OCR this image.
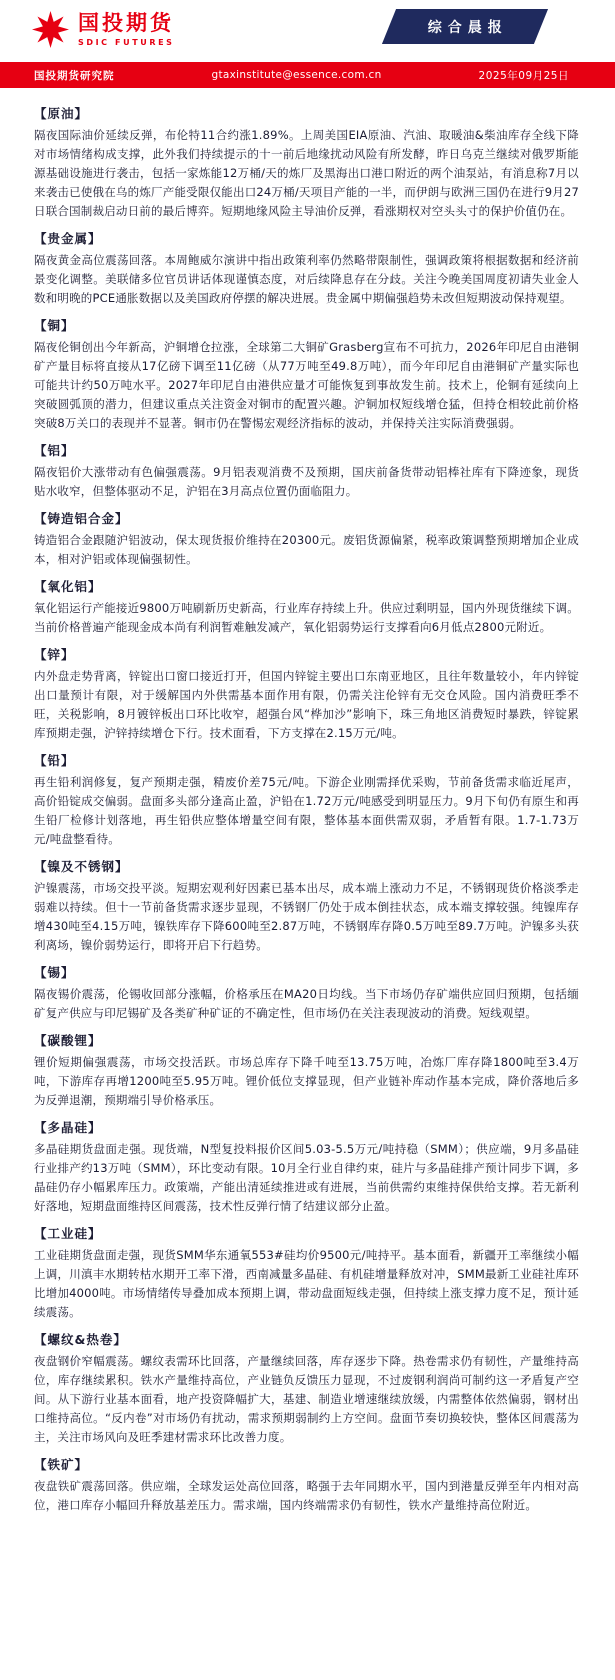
国投期货
SDIC FUTURES
综合晨报
国投期货研究院	gtaxinstitute@essence.com.cn	2025年09月25日
【原油】

隔夜国际油价延续反弹，布伦特11合约涨1.89%。上周美国EIA原油、汽油、取暖油&柴油库存全线下降对市场情绪构成支撑，此外我们持续提示的十一前后地缘扰动风险有所发酵，昨日乌克兰继续对俄罗斯能源基础设施进行袭击，包括一家炼能12万桶/天的炼厂及黑海出口港口附近的两个油泵站，有消息称7月以来袭击已使俄在乌的炼厂产能受限仅能出口24万桶/天项目产能的一半，而伊朗与欧洲三国仍在进行9月27日联合国制裁启动日前的最后博弈。短期地缘风险主导油价反弹，看涨期权对空头头寸的保护价值仍在。

【贵金属】

隔夜黄金高位震荡回落。本周鲍威尔演讲中指出政策利率仍然略带限制性，强调政策将根据数据和经济前景变化调整。美联储多位官员讲话体现谨慎态度，对后续降息存在分歧。关注今晚美国周度初请失业金人数和明晚的PCE通胀数据以及美国政府停摆的解决进展。贵金属中期偏强趋势未改但短期波动保持观望。

【铜】

隔夜伦铜创出今年新高，沪铜增仓拉涨，全球第二大铜矿Grasberg宣布不可抗力，2026年印尼自由港铜矿产量目标将直接从17亿磅下调至11亿磅（从77万吨至49.8万吨），而今年印尼自由港铜矿产量实际也可能共计约50万吨水平。2027年印尼自由港供应量才可能恢复到事故发生前。技术上，伦铜有延续向上突破圆弧顶的潜力，但建议重点关注资金对铜市的配置兴趣。沪铜加权短线增仓猛，但持仓相较此前价格突破8万关口的表现并不显著。铜市仍在警惕宏观经济指标的波动，并保持关注实际消费强弱。

【铝】

隔夜铝价大涨带动有色偏强震荡。9月铝表观消费不及预期，国庆前备货带动铝棒社库有下降迹象，现货贴水收窄，但整体驱动不足，沪铝在3月高点位置仍面临阻力。

【铸造铝合金】

铸造铝合金跟随沪铝波动，保太现货报价维持在20300元。废铝货源偏紧，税率政策调整预期增加企业成本，相对沪铝或体现偏强韧性。

【氧化铝】

氧化铝运行产能接近9800万吨刷新历史新高，行业库存持续上升。供应过剩明显，国内外现货继续下调。当前价格普遍产能现金成本尚有利润暂难触发减产，氧化铝弱势运行支撑看向6月低点2800元附近。

【锌】

内外盘走势背离，锌锭出口窗口接近打开，但国内锌锭主要出口东南亚地区，且往年数量较小，年内锌锭出口量预计有限，对于缓解国内外供需基本面作用有限，仍需关注伦锌有无交仓风险。国内消费旺季不旺，关税影响，8月镀锌板出口环比收窄，超强台风“桦加沙”影响下，珠三角地区消费短时暴跌，锌锭累库预期走强，沪锌持续增仓下行。技术面看，下方支撑在2.15万元/吨。

【铅】

再生铅利润修复，复产预期走强，精废价差75元/吨。下游企业刚需择优采购，节前备货需求临近尾声，高价铅锭成交偏弱。盘面多头部分逢高止盈，沪铅在1.72万元/吨感受到明显压力。9月下旬仍有原生和再生铅厂检修计划落地，再生铅供应整体增量空间有限，整体基本面供需双弱，矛盾暂有限。1.7-1.73万元/吨盘整看待。

【镍及不锈钢】

沪镍震荡，市场交投平淡。短期宏观利好因素已基本出尽，成本端上涨动力不足，不锈钢现货价格淡季走弱难以持续。但十一节前备货需求逐步显现，不锈钢厂仍处于成本倒挂状态，成本端支撑较强。纯镍库存增430吨至4.15万吨，镍铁库存下降600吨至2.87万吨，不锈钢库存降0.5万吨至89.7万吨。沪镍多头获利离场，镍价弱势运行，即将开启下行趋势。

【锡】

隔夜锡价震荡，伦锡收回部分涨幅，价格承压在MA20日均线。当下市场仍存矿端供应回归预期，包括缅矿复产供应与印尼锡矿及各类矿种矿证的不确定性，但市场仍在关注表现波动的消费。短线观望。

【碳酸锂】

锂价短期偏强震荡，市场交投活跃。市场总库存下降千吨至13.75万吨，冶炼厂库存降1800吨至3.4万吨，下游库存再增1200吨至5.95万吨。锂价低位支撑显现，但产业链补库动作基本完成，降价落地后多为反弹退潮，预期端引导价格承压。

【多晶硅】

多晶硅期货盘面走强。现货端，N型复投料报价区间5.03-5.5万元/吨持稳（SMM）；供应端，9月多晶硅行业排产约13万吨（SMM），环比变动有限。10月全行业自律约束，硅片与多晶硅排产预计同步下调，多晶硅仍存小幅累库压力。政策端，产能出清延续推进或有进展，当前供需约束维持保供给支撑。若无新利好落地，短期盘面维持区间震荡，技术性反弹行情了结建议部分止盈。

【工业硅】

工业硅期货盘面走强，现货SMM华东通氧553#硅均价9500元/吨持平。基本面看，新疆开工率继续小幅上调，川滇丰水期转枯水期开工率下滑，西南减量多晶硅、有机硅增量释放对冲，SMM最新工业硅社库环比增加4000吨。市场情绪传导叠加成本预期上调，带动盘面短线走强，但持续上涨支撑力度不足，预计延续震荡。

【螺纹&热卷】

夜盘钢价窄幅震荡。螺纹表需环比回落，产量继续回落，库存逐步下降。热卷需求仍有韧性，产量维持高位，库存继续累积。铁水产量维持高位，产业链负反馈压力显现，不过废钢利润尚可制约这一矛盾复产空间。从下游行业基本面看，地产投资降幅扩大，基建、制造业增速继续放缓，内需整体依然偏弱，钢材出口维持高位。“反内卷”对市场仍有扰动，需求预期弱制约上方空间。盘面节奏切换较快，整体区间震荡为主，关注市场风向及旺季建材需求环比改善力度。

【铁矿】

夜盘铁矿震荡回落。供应端，全球发运处高位回落，略强于去年同期水平，国内到港量反弹至年内相对高位，港口库存小幅回升释放基差压力。需求端，国内终端需求仍有韧性，铁水产量维持高位附近。
